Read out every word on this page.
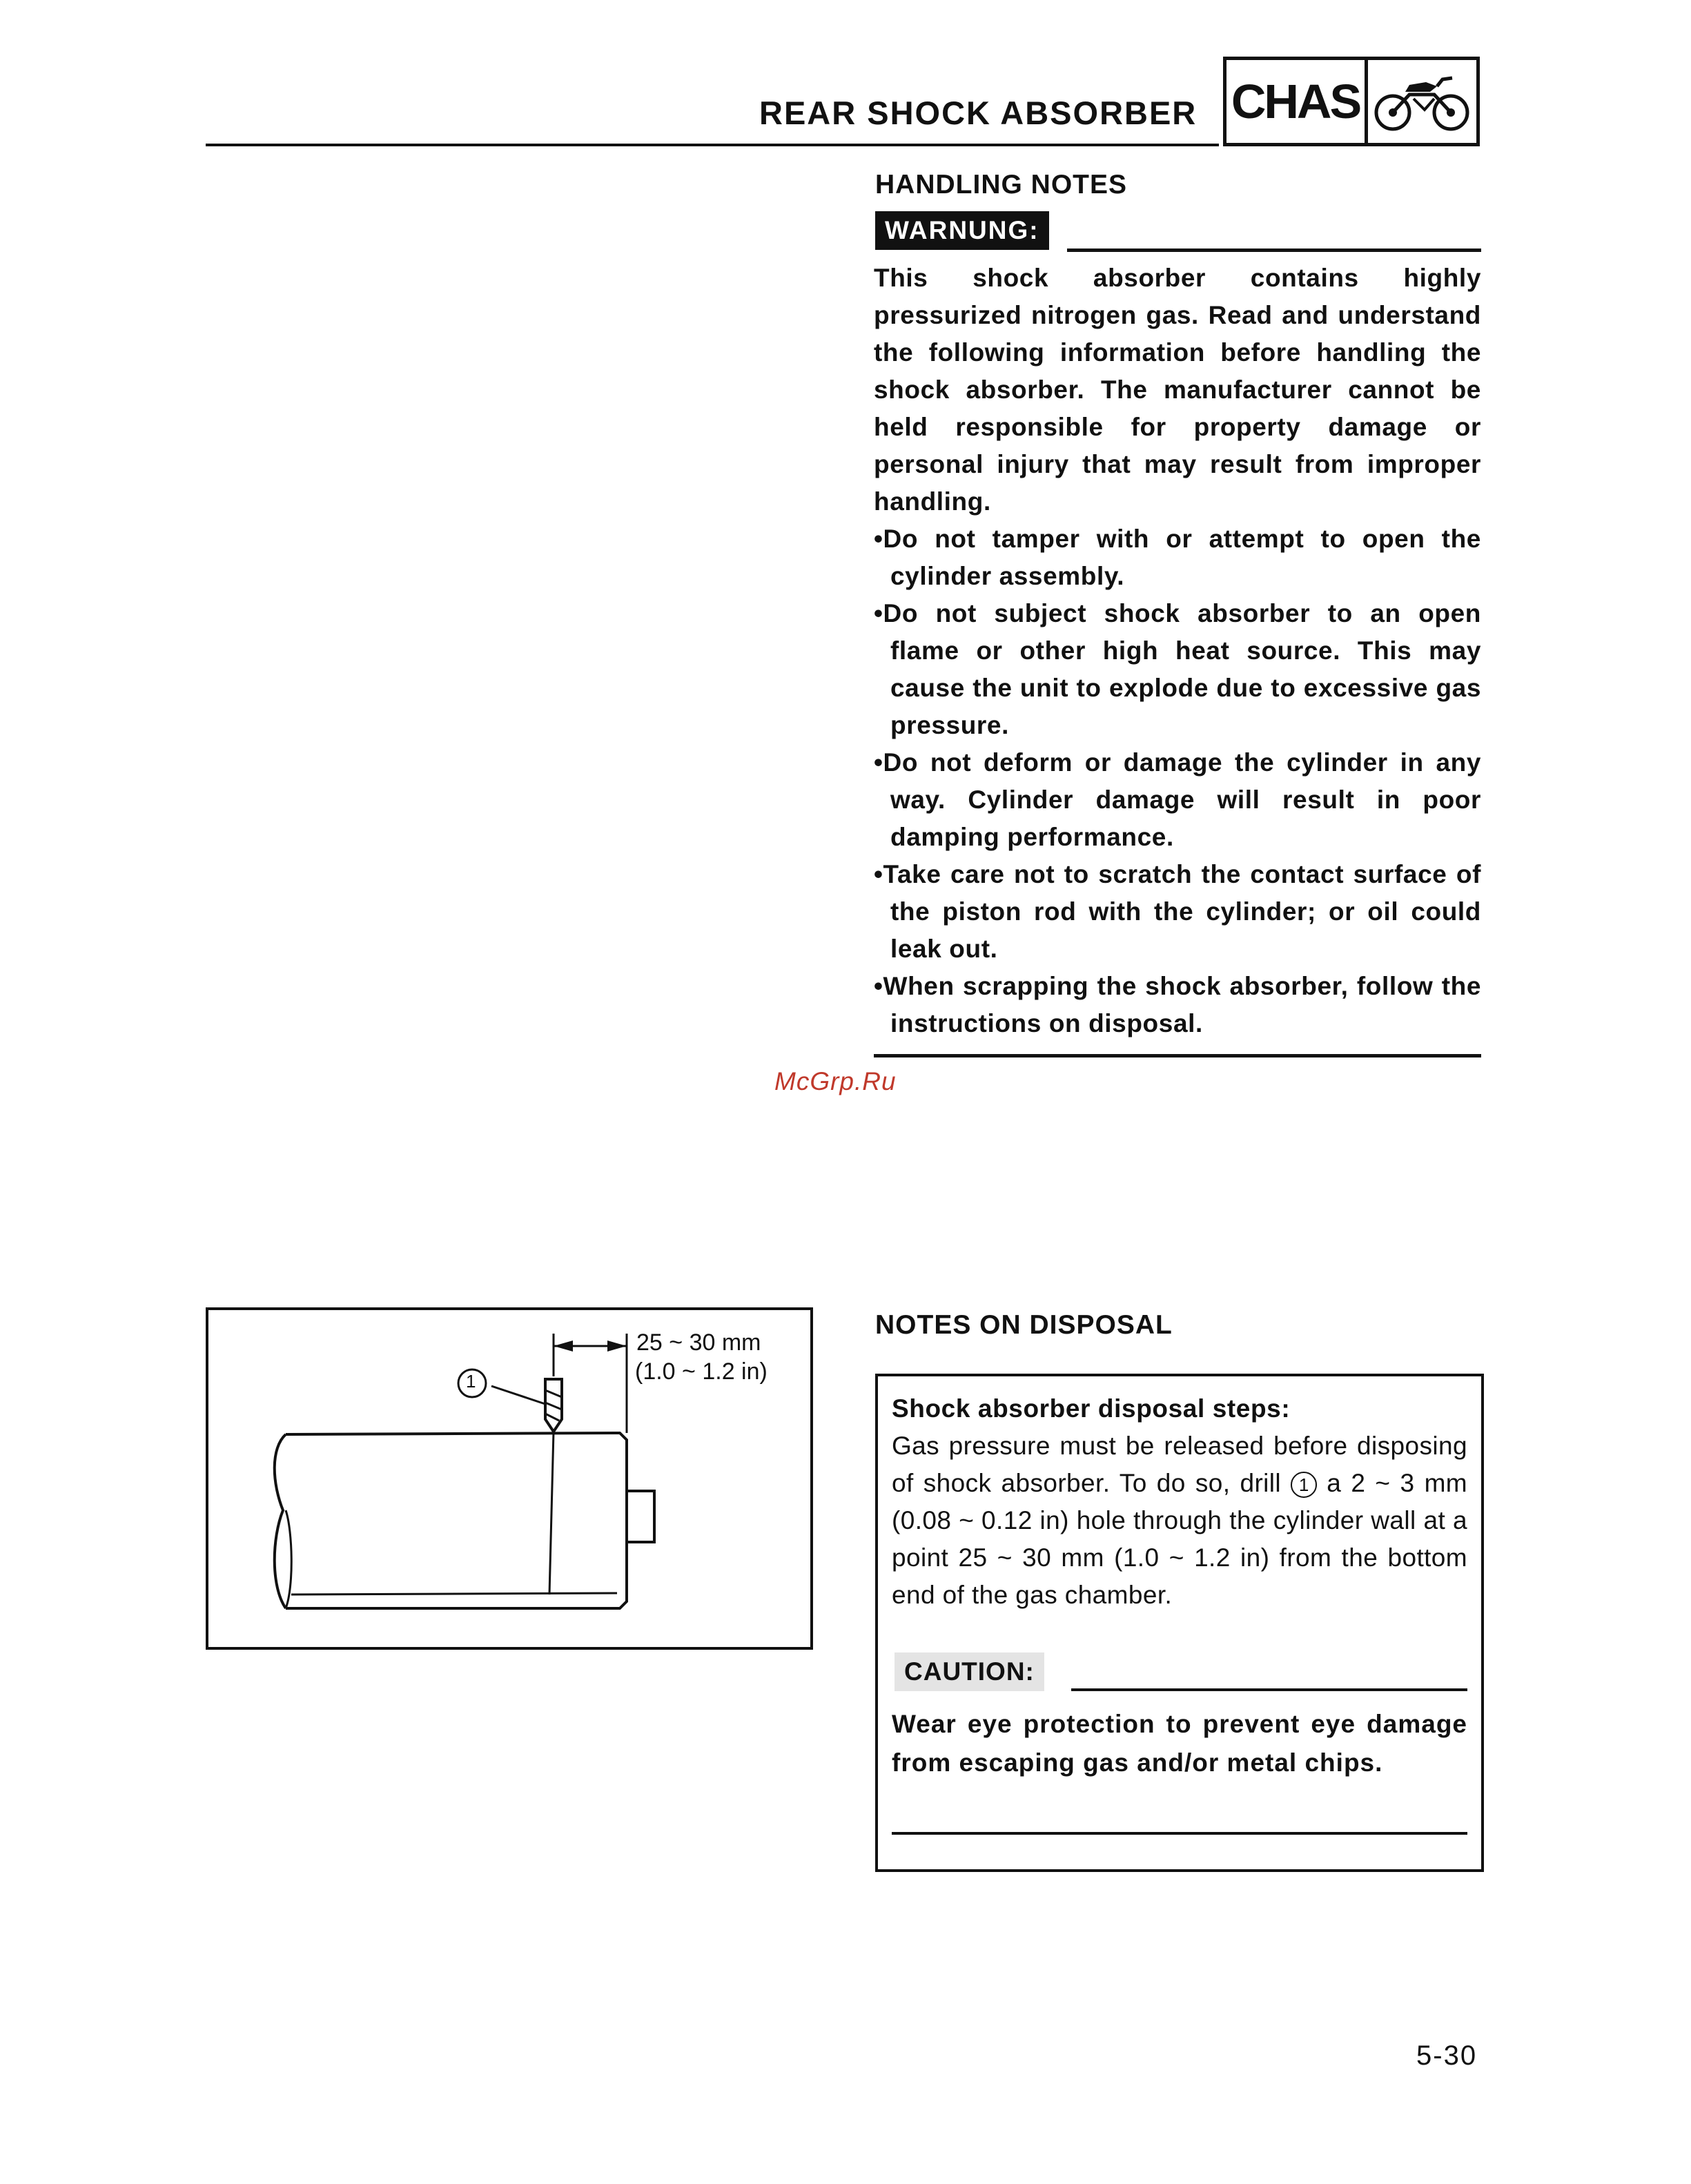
REAR SHOCK ABSORBER CHAS
HANDLING NOTES
WARNUNG:

This shock absorber contains highly pressurized nitrogen gas. Read and understand the following information before handling the shock absorber. The manufacturer cannot be held responsible for property damage or personal injury that may result from improper handling.

•Do not tamper with or attempt to open the cylinder assembly.

•Do not subject shock absorber to an open flame or other high heat source. This may cause the unit to explode due to excessive gas pressure.

•Do not deform or damage the cylinder in any way. Cylinder damage will result in poor damping performance.

•Take care not to scratch the contact surface of the piston rod with the cylinder; or oil could leak out.

•When scrapping the shock absorber, follow the instructions on disposal.

McGrp.Ru
1
25 ~ 30 mm
(1.0 ~ 1.2 in)
NOTES ON DISPOSAL
Shock absorber disposal steps:
Gas pressure must be released before disposing of shock absorber. To do so, drill 1 a 2 ~ 3 mm (0.08 ~ 0.12 in) hole through the cylinder wall at a point 25 ~ 30 mm (1.0 ~ 1.2 in) from the bottom end of the gas chamber.
CAUTION:
Wear eye protection to prevent eye damage from escaping gas and/or metal chips.
5-30
